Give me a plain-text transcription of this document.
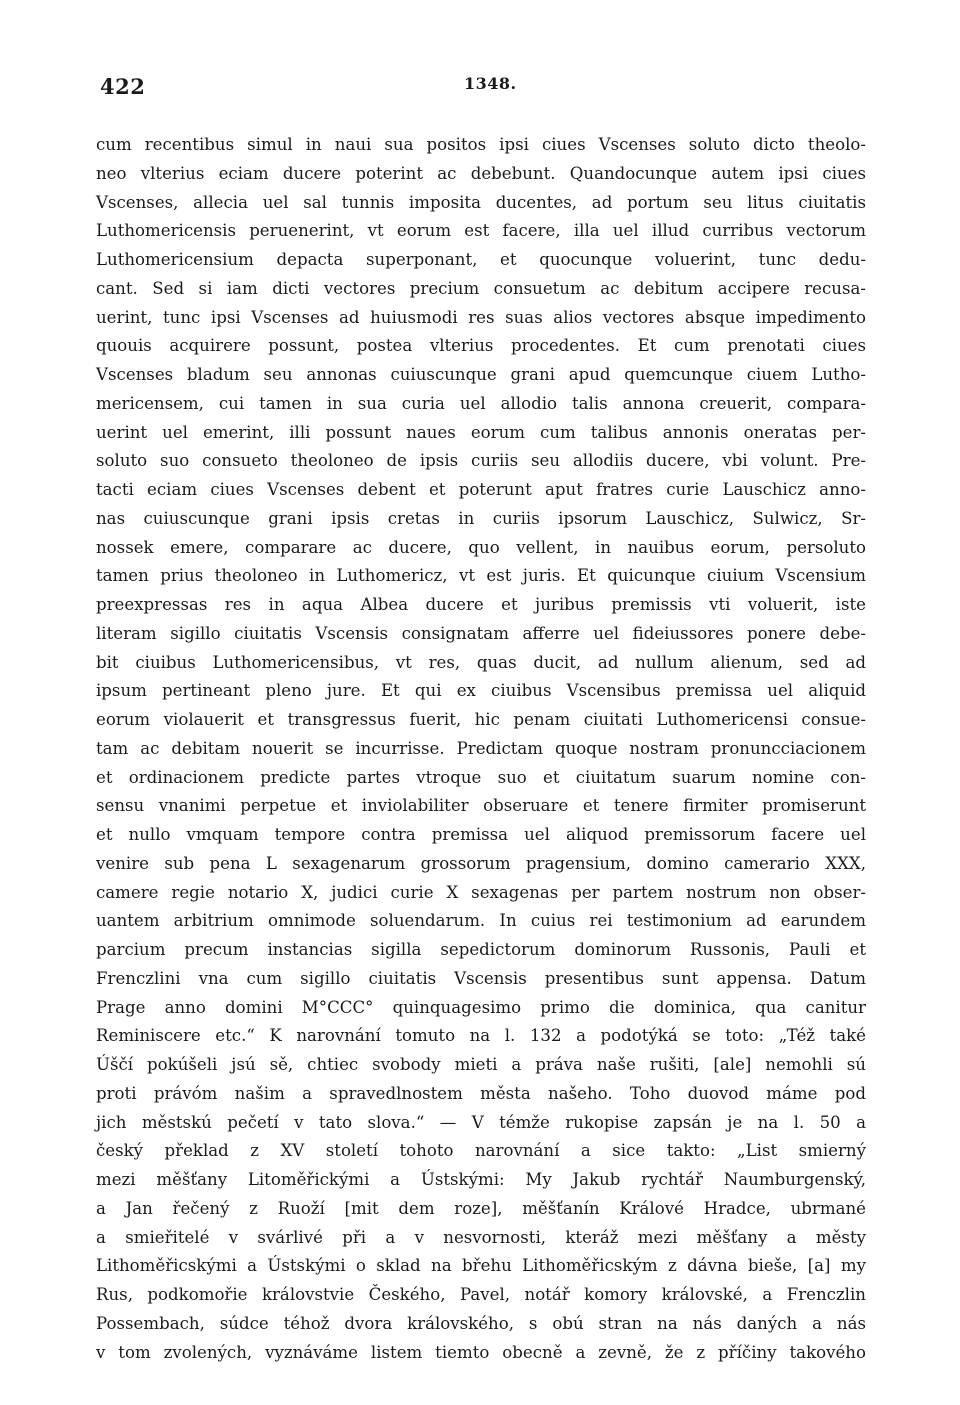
422	1348.
cum recentibus simul in naui sua positos ipsi ciues Vscenses soluto dicto theolo-
neo vlterius eciam ducere poterint ac debebunt. Quandocunque autem ipsi ciues
Vscenses, allecia uel sal tunnis imposita ducentes, ad portum seu litus ciuitatis
Luthomericensis peruenerint, vt eorum est facere, illa uel illud curribus vectorum
Luthomericensium depacta superponant, et quocunque voluerint, tunc dedu-
cant. Sed si iam dicti vectores precium consuetum ac debitum accipere recusa-
uerint, tunc ipsi Vscenses ad huiusmodi res suas alios vectores absque impedimento
quouis acquirere possunt, postea vlterius procedentes. Et cum prenotati ciues
Vscenses bladum seu annonas cuiuscunque grani apud quemcunque ciuem Lutho-
mericensem, cui tamen in sua curia uel allodio talis annona creuerit, compara-
uerint uel emerint, illi possunt naues eorum cum talibus annonis oneratas per-
soluto suo consueto theoloneo de ipsis curiis seu allodiis ducere, vbi volunt. Pre-
tacti eciam ciues Vscenses debent et poterunt aput fratres curie Lauschicz anno-
nas cuiuscunque grani ipsis cretas in curiis ipsorum Lauschicz, Sulwicz, Sr-
nossek emere, comparare ac ducere, quo vellent, in nauibus eorum, persoluto
tamen prius theoloneo in Luthomericz, vt est juris. Et quicunque ciuium Vscensium
preexpressas res in aqua Albea ducere et juribus premissis vti voluerit, iste
literam sigillo ciuitatis Vscensis consignatam afferre uel fideiussores ponere debe-
bit ciuibus Luthomericensibus, vt res, quas ducit, ad nullum alienum, sed ad
ipsum pertineant pleno jure. Et qui ex ciuibus Vscensibus premissa uel aliquid
eorum violauerit et transgressus fuerit, hic penam ciuitati Luthomericensi consue-
tam ac debitam nouerit se incurrisse. Predictam quoque nostram pronuncciacionem
et ordinacionem predicte partes vtroque suo et ciuitatum suarum nomine con-
sensu vnanimi perpetue et inviolabiliter obseruare et tenere firmiter promiserunt
et nullo vmquam tempore contra premissa uel aliquod premissorum facere uel
venire sub pena L sexagenarum grossorum pragensium, domino camerario XXX,
camere regie notario X, judici curie X sexagenas per partem nostrum non obser-
uantem arbitrium omnimode soluendarum. In cuius rei testimonium ad earundem
parcium precum instancias sigilla sepedictorum dominorum Russonis, Pauli et
Frenczlini vna cum sigillo ciuitatis Vscensis presentibus sunt appensa. Datum
Prage anno domini M°CCC° quinquagesimo primo die dominica, qua canitur
Reminiscere etc.“ K narovnání tomuto na l. 132 a podotýká se toto: „Též také
Úščí pokúšeli jsú sě, chtiec svobody mieti a práva naše rušiti, [ale] nemohli sú
proti právóm našim a spravedlnostem města našeho. Toho duovod máme pod
jich městskú pečetí v tato slova.“ — V témže rukopise zapsán je na l. 50 a
český překlad z XV století tohoto narovnání a sice takto: „List smierný
mezi měšťany Litoměřickými a Ústskými: My Jakub rychtář Naumburgenský,
a Jan řečený z Ruoží [mit dem roze], měšťanín Králové Hradce, ubrmané
a smieřitelé v svárlivé při a v nesvornosti, kteráž mezi měšťany a městy
Lithoměřicskými a Ústskými o sklad na břehu Lithoměřicským z dávna bieše, [a] my
Rus, podkomořie královstvie Českého, Pavel, notář komory královské, a Frenczlin
Possembach, súdce téhož dvora královského, s obú stran na nás daných a nás
v tom zvolených, vyznáváme listem tiemto obecně a zevně, že z příčiny takového
